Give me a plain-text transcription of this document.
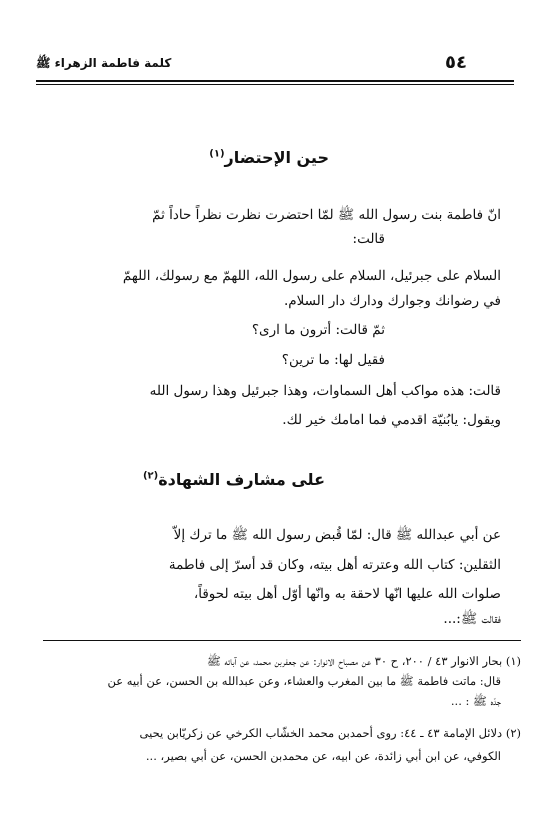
٥٤
كلمة فاطمة الزهراء ﷺ
حين الإحتضار$^{(١)}$
انّ فاطمة بنت رسول الله ﷺ لمّا احتضرت نظرت نظراً حاداً ثمّ
قالت:
السلام على جبرئيل، السلام على رسول الله، اللهمّ مع رسولك، اللهمّ
في رضوانك وجوارك ودارك دار السلام.
ثمّ قالت: أترون ما ارى؟
فقيل لها: ما ترين؟
قالت: هذه مواكب أهل السماوات، وهذا جبرئيل وهذا رسول الله
ويقول: يابُنيّة اقدمي فما امامك خير لك.
على مشارف الشهادة$^{(٢)}$
عن أبي عبدالله ﷺ قال: لمّا قُبض رسول الله ﷺ ما ترك إلاّ
الثقلين: كتاب الله وعترته أهل بيته، وكان قد أسرّ إلى فاطمة
صلوات الله عليها انّها لاحقة به وانّها أوّل أهل بيته لحوقاً،
فقالت ﷺ:...
(١) بحار الانوار ٤٣ / ٢٠٠، ح ٣٠ عن مصباح الانوار: عن جعفربن محمد، عن آبائه ﷺ
قال: ماتت فاطمة ﷺ ما بين المغرب والعشاء، وعن عبدالله بن الحسن، عن أبيه عن
جدّه ﷺ : ...
(٢) دلائل الإمامة ٤٣ ـ ٤٤: روى أحمدبن محمد الخشّاب الكرخي عن زكريّابن يحيى
الكوفي، عن ابن أبي زائدة، عن ابيه، عن محمدبن الحسن، عن أبي بصير، ...
